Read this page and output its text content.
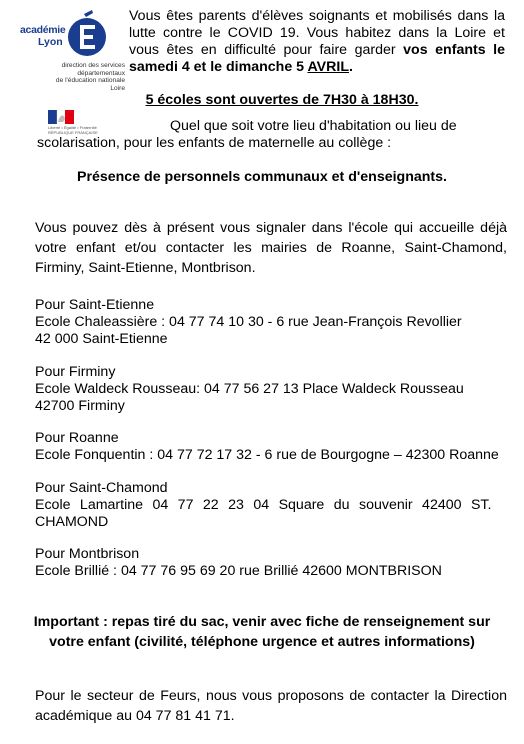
académie
Lyon
direction des services
départementaux
de l'éducation nationale
Loire
Liberté • Égalité • Fraternité RÉPUBLIQUE FRANÇAISE

Vous êtes parents d'élèves soignants et mobilisés dans la lutte contre le COVID 19. Vous habitez dans la Loire et vous êtes en difficulté pour faire garder vos enfants le samedi 4 et le dimanche 5 AVRIL.

5 écoles sont ouvertes de 7H30 à 18H30.

Quel que soit votre lieu d'habitation ou lieu de

scolarisation, pour les enfants de maternelle au collège :

Présence de personnels communaux et d'enseignants.

Vous pouvez dès à présent vous signaler dans l'école qui accueille déjà votre enfant et/ou contacter les mairies de Roanne, Saint-Chamond, Firminy, Saint-Etienne, Montbrison.

Pour Saint-Etienne

Ecole Chaleassière : 04 77 74 10 30 - 6 rue Jean-François Revollier

42 000 Saint-Etienne

Pour Firminy

Ecole Waldeck Rousseau: 04 77 56 27 13 Place Waldeck Rousseau

42700 Firminy

Pour Roanne

Ecole Fonquentin : 04 77 72 17 32 - 6 rue de Bourgogne – 42300 Roanne

Pour Saint-Chamond

Ecole Lamartine 04 77 22 23 04 Square du souvenir 42400 ST.

CHAMOND

Pour Montbrison

Ecole Brillié : 04 77 76 95 69 20 rue Brillié 42600 MONTBRISON

Important : repas tiré du sac, venir avec fiche de renseignement sur

votre enfant (civilité, téléphone urgence et autres informations)

Pour le secteur de Feurs, nous vous proposons de contacter la Direction académique au 04 77 81 41 71.
